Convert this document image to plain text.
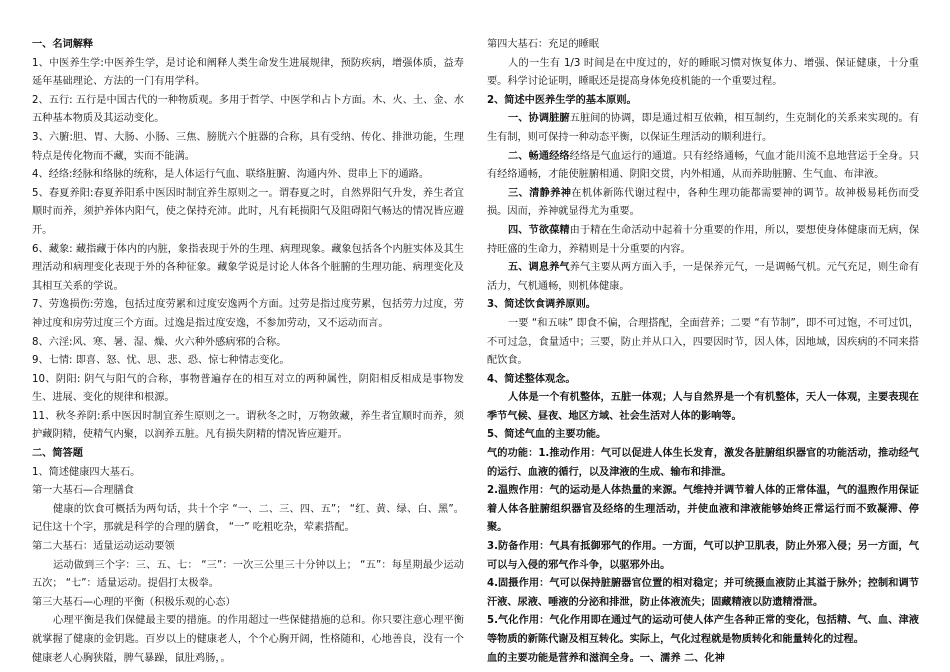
一、名词解释

1、中医养生学:中医养生学，是讨论和阐释人类生命发生进展规律，预防疾病，增强体质，益寿延年基础理论、方法的一门有用学科。

2、五行: 五行是中国古代的一种物质观。多用于哲学、中医学和占卜方面。木、火、土、金、水五种基本物质及其运动变化。

3、六腑:胆、胃、大肠、小肠、三焦、膀胱六个脏器的合称，具有受纳、传化、排泄功能，生理特点是传化物而不藏，实而不能满。

4、经络:经脉和络脉的统称，是人体运行气血、联络脏腑、沟通内外、贯串上下的通路。

5、春夏养阳:春夏养阳系中医因时制宜养生原则之一。谓春夏之时，自然界阳气升发，养生者宜顺时而养，须护养体内阳气，使之保持充沛。此时，凡有耗损阳气及阻碍阳气畅达的情况皆应避开。

6、藏象: 藏指藏于体内的内脏，象指表现于外的生理、病理现象。藏象包括各个内脏实体及其生理活动和病理变化表现于外的各种征象。藏象学说是讨论人体各个脏腑的生理功能、病理变化及其相互关系的学说。

7、劳逸损伤:劳逸，包括过度劳累和过度安逸两个方面。过劳是指过度劳累，包括劳力过度，劳神过度和房劳过度三个方面。过逸是指过度安逸，不参加劳动，又不运动而言。

8、六淫:风、寒、暑、湿、燥、火六种外感病邪的合称。

9、七情: 即喜、怒、忧、思、悲、恐、惊七种情志变化。

10、阴阳: 阴气与阳气的合称，事物普遍存在的相互对立的两种属性，阴阳相反相成是事物发生、进展、变化的规律和根源。

11、秋冬养阴:系中医因时制宜养生原则之一。谓秋冬之时，万物敛藏，养生者宜顺时而养，须护藏阴精，使精气内聚，以润养五脏。凡有损失阴精的情况皆应避开。

二、简答题

1、简述健康四大基石。

第一大基石—合理膳食

健康的饮食可概括为两句话，共十个字 “一、二、三、四、五”； “红、黄、绿、白、黑”。记住这十个字，那就是科学的合理的膳食， “一” 吃粗吃杂，荤素搭配。

第二大基石：适量运动运动要领

运动做到三个字：三、五、七： “三”：一次三公里三十分钟以上； “五”：每星期最少运动五次； “七”：适量运动。提倡打太极拳。

第三大基石—心理的平衡（积极乐观的心态）

心理平衡是我们保健最主要的措施。的作用超过一些保健措施的总和。你只要注意心理平衡就掌握了健康的金钥匙。百岁以上的健康老人，个个心胸开阔，性格随和，心地善良，没有一个健康老人心胸狭隘，脾气暴躁，鼠肚鸡肠，。

第四大基石：充足的睡眠

人的一生有 1/3 时间是在中度过的，好的睡眠习惯对恢复体力、增强、保证健康，十分重要。科学讨论证明，睡眠还是提高身体免疫机能的一个重要过程。

2、简述中医养生学的基本原则。

一、协调脏腑五脏间的协调，即是通过相互依赖，相互制约，生克制化的关系来实现的。有生有制，则可保持一种动态平衡，以保证生理活动的顺利进行。

二、畅通经络经络是气血运行的通道。只有经络通畅，气血才能川流不息地营运于全身。只有经络通畅，才能使脏腑相通、阴阳交贯，内外相通，从而养助脏腑、生气血、布津液。

三、清静养神在机体新陈代谢过程中，各种生理功能都需要神的调节。故神极易耗伤而受损。因而，养神就显得尤为重要。

四、节欲葆精由于精在生命活动中起着十分重要的作用，所以，要想使身体健康而无病，保持旺盛的生命力，养精则是十分重要的内容。

五、调息养气养气主要从两方面入手，一是保养元气，一是调畅气机。元气充足，则生命有活力，气机通畅，则机体健康。

3、简述饮食调养原则。

一要 “和五味” 即食不偏，合理搭配，全面营养；二要 “有节制”，即不可过饱，不可过饥，不可过急，食量适中；三要，防止并从口入，四要因时节，因人体，因地域，因疾病的不同来搭配饮食。

4、简述整体观念。

人体是一个有机整体，五脏一体观；人与自然界是一个有机整体，天人一体观，主要表现在季节气候、昼夜、地区方域、社会生活对人体的影响等。

5、简述气血的主要功能。

气的功能：1.推动作用：气可以促进人体生长发育，激发各脏腑组织器官的功能活动，推动经气的运行、血液的循行，以及津液的生成、输布和排泄。

2.温煦作用：气的运动是人体热量的来源。气维持并调节着人体的正常体温，气的温煦作用保证着人体各脏腑组织器官及经络的生理活动，并使血液和津液能够始终正常运行而不致凝滞、停聚。

3.防备作用：气具有抵御邪气的作用。一方面，气可以护卫肌表，防止外邪入侵；另一方面，气可以与入侵的邪气作斗争，以驱邪外出。

4.固摄作用：气可以保持脏腑器官位置的相对稳定；并可统摄血液防止其溢于脉外；控制和调节汗液、尿液、唾液的分泌和排泄，防止体液流失；固藏精液以防遗精滑泄。

5.气化作用：气化作用即在通过气的运动可使人体产生各种正常的变化，包括精、气、血、津液等物质的新陈代谢及相互转化。实际上，气化过程就是物质转化和能量转化的过程。

血的主要功能是营养和滋润全身。一、濡养 二、化神
